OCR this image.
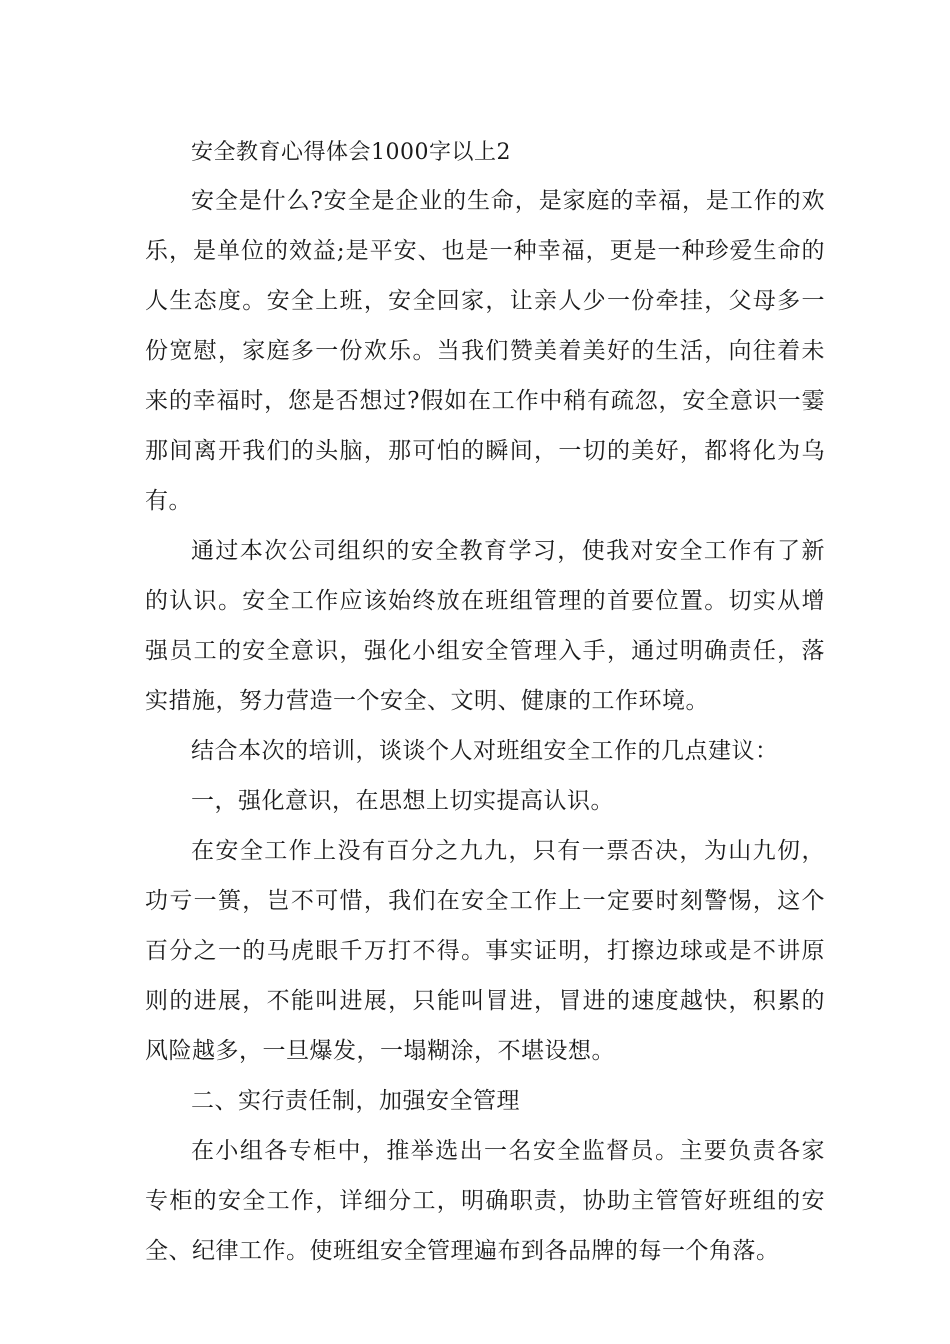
安全教育心得体会1000字以上2

安全是什么?安全是企业的生命，是家庭的幸福，是工作的欢乐，是单位的效益;是平安、也是一种幸福，更是一种珍爱生命的人生态度。安全上班，安全回家，让亲人少一份牵挂，父母多一份宽慰，家庭多一份欢乐。当我们赞美着美好的生活，向往着未来的幸福时，您是否想过?假如在工作中稍有疏忽，安全意识一霎那间离开我们的头脑，那可怕的瞬间，一切的美好，都将化为乌有。

通过本次公司组织的安全教育学习，使我对安全工作有了新的认识。安全工作应该始终放在班组管理的首要位置。切实从增强员工的安全意识，强化小组安全管理入手，通过明确责任，落实措施，努力营造一个安全、文明、健康的工作环境。

结合本次的培训，谈谈个人对班组安全工作的几点建议：

一，强化意识，在思想上切实提高认识。

在安全工作上没有百分之九九，只有一票否决，为山九仞，功亏一篑，岂不可惜，我们在安全工作上一定要时刻警惕，这个百分之一的马虎眼千万打不得。事实证明，打擦边球或是不讲原则的进展，不能叫进展，只能叫冒进，冒进的速度越快，积累的风险越多，一旦爆发，一塌糊涂，不堪设想。

二、实行责任制，加强安全管理

在小组各专柜中，推举选出一名安全监督员。主要负责各家专柜的安全工作，详细分工，明确职责，协助主管管好班组的安全、纪律工作。使班组安全管理遍布到各品牌的每一个角落。
